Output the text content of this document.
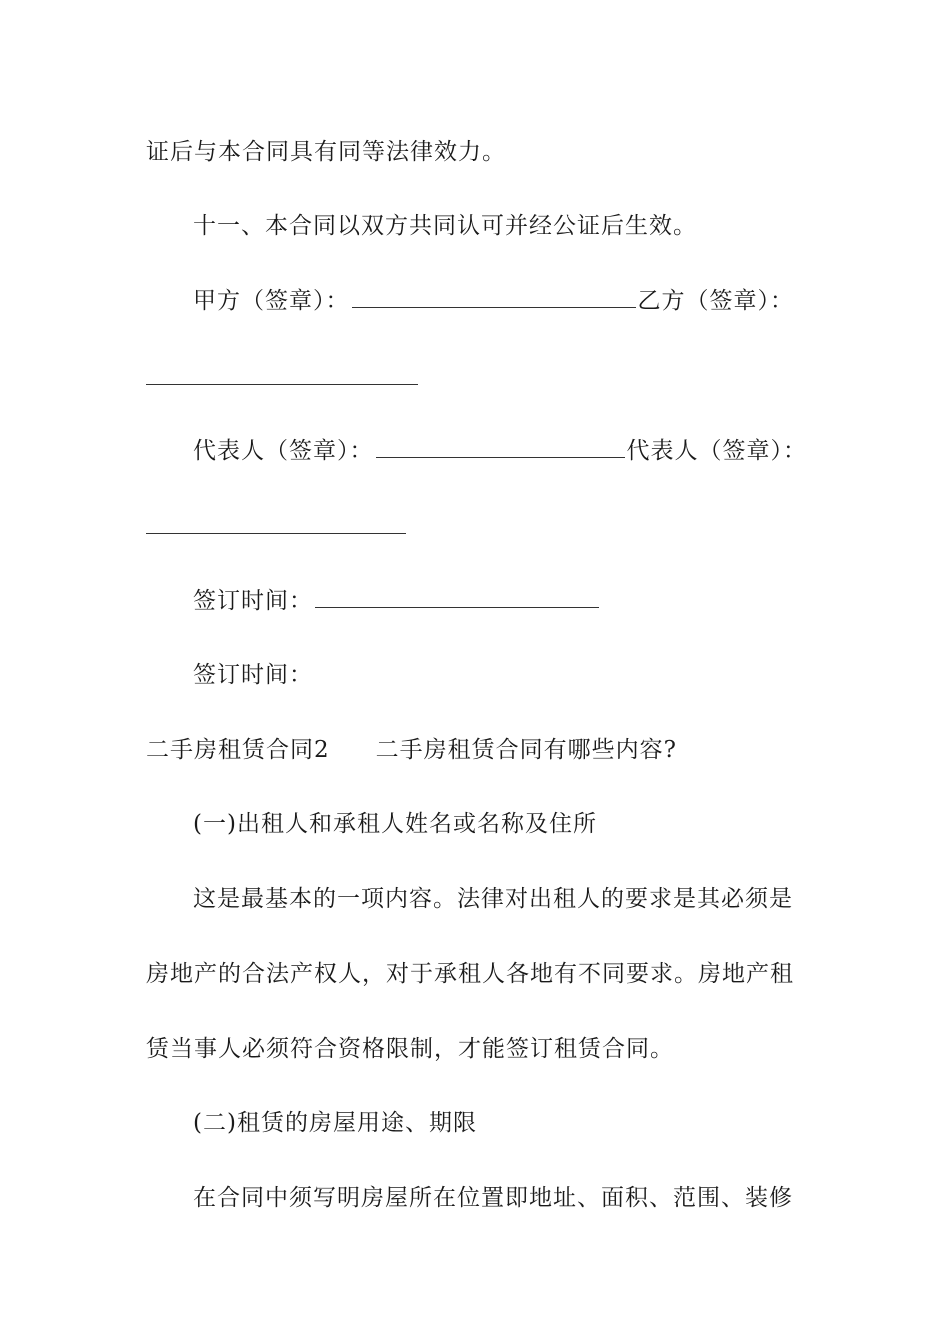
证后与本合同具有同等法律效力。
十一、本合同以双方共同认可并经公证后生效。
甲方（签章）：	乙方（签章）：
代表人（签章）：	代表人（签章）：
签订时间：
签订时间：
二手房租赁合同2 二手房租赁合同有哪些内容?
(一)出租人和承租人姓名或名称及住所
这是最基本的一项内容。法律对出租人的要求是其必须是
房地产的合法产权人，对于承租人各地有不同要求。房地产租
赁当事人必须符合资格限制，才能签订租赁合同。
(二)租赁的房屋用途、期限
在合同中须写明房屋所在位置即地址、面积、范围、装修
